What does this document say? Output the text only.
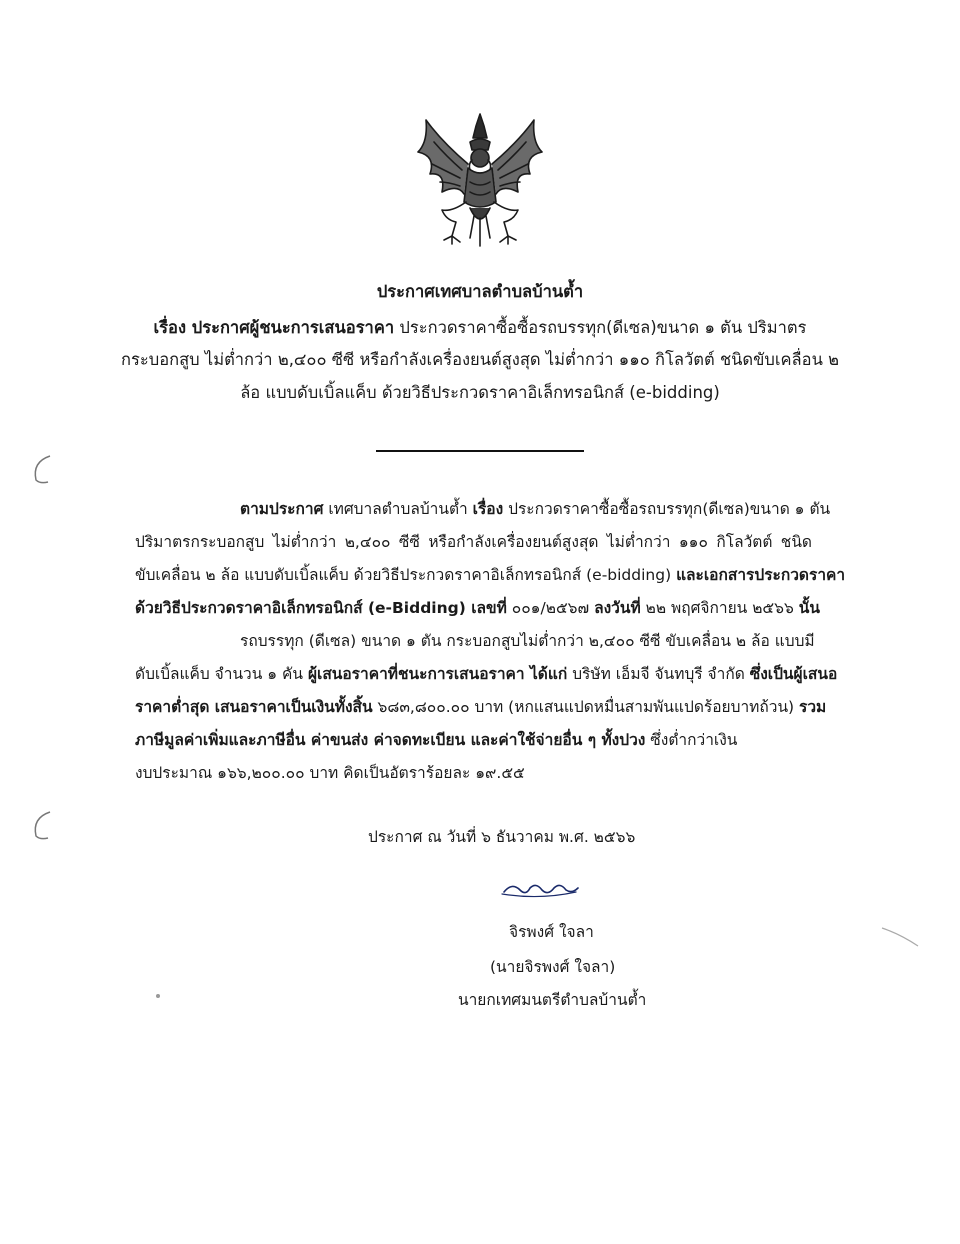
ประกาศเทศบาลตำบลบ้านต้ำ
เรื่อง ประกาศผู้ชนะการเสนอราคา ประกวดราคาซื้อซื้อรถบรรทุก(ดีเซล)ขนาด ๑ ตัน ปริมาตร
กระบอกสูบ ไม่ต่ำกว่า ๒,๔๐๐ ซีซี หรือกำลังเครื่องยนต์สูงสุด ไม่ต่ำกว่า ๑๑๐ กิโลวัตต์ ชนิดขับเคลื่อน ๒
ล้อ แบบดับเบิ้ลแค็บ ด้วยวิธีประกวดราคาอิเล็กทรอนิกส์ (e-bidding)
ตามประกาศ เทศบาลตำบลบ้านต้ำ เรื่อง ประกวดราคาซื้อซื้อรถบรรทุก(ดีเซล)ขนาด ๑ ตัน
ปริมาตรกระบอกสูบ ไม่ต่ำกว่า ๒,๔๐๐ ซีซี หรือกำลังเครื่องยนต์สูงสุด ไม่ต่ำกว่า ๑๑๐ กิโลวัตต์ ชนิด
ขับเคลื่อน ๒ ล้อ แบบดับเบิ้ลแค็บ ด้วยวิธีประกวดราคาอิเล็กทรอนิกส์ (e-bidding) และเอกสารประกวดราคา
ด้วยวิธีประกวดราคาอิเล็กทรอนิกส์ (e-Bidding) เลขที่ ๐๐๑/๒๕๖๗ ลงวันที่ ๒๒ พฤศจิกายน ๒๕๖๖ นั้น
รถบรรทุก (ดีเซล) ขนาด ๑ ตัน กระบอกสูบไม่ต่ำกว่า ๒,๔๐๐ ซีซี ขับเคลื่อน ๒ ล้อ แบบมี
ดับเบิ้ลแค็บ จำนวน ๑ คัน ผู้เสนอราคาที่ชนะการเสนอราคา ได้แก่ บริษัท เอ็มจี จันทบุรี จำกัด ซึ่งเป็นผู้เสนอ
ราคาต่ำสุด เสนอราคาเป็นเงินทั้งสิ้น ๖๘๓,๘๐๐.๐๐ บาท (หกแสนแปดหมื่นสามพันแปดร้อยบาทถ้วน) รวม
ภาษีมูลค่าเพิ่มและภาษีอื่น ค่าขนส่ง ค่าจดทะเบียน และค่าใช้จ่ายอื่น ๆ ทั้งปวง ซึ่งต่ำกว่าเงิน
งบประมาณ ๑๖๖,๒๐๐.๐๐ บาท คิดเป็นอัตราร้อยละ ๑๙.๕๕
ประกาศ ณ วันที่ ๖ ธันวาคม พ.ศ. ๒๕๖๖
จิรพงศ์ ใจลา
(นายจิรพงศ์ ใจลา)
นายกเทศมนตรีตำบลบ้านต้ำ
